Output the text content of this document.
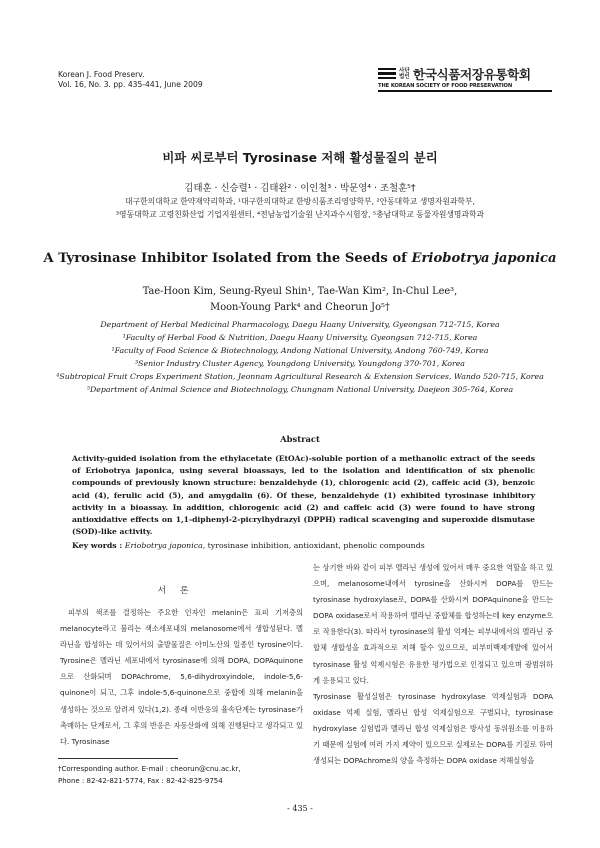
Korean J. Food Preserv.
Vol. 16, No. 3. pp. 435-441, June 2009
사단법인 한국식품저장유통학회
THE KOREAN SOCIETY OF FOOD PRESERVATION
비파 씨로부터 Tyrosinase 저해 활성물질의 분리
김태훈 · 신승렬¹ · 김태완² · 이인철³ · 박문영⁴ · 조철훈⁵†
대구한의대학교 한약재약리학과, ¹대구한의대학교 한방식품조리영양학부, ²안동대학교 생명자원과학부,
³영동대학교 고령친화산업 기업지원센터, ⁴전남농업기술원 난지과수시험장, ⁵충남대학교 동물자원생명과학과
A Tyrosinase Inhibitor Isolated from the Seeds of Eriobotrya japonica
Tae-Hoon Kim, Seung-Ryeul Shin¹, Tae-Wan Kim², In-Chul Lee³,
Moon-Young Park⁴ and Cheorun Jo⁵†
Department of Herbal Medicinal Pharmacology, Daegu Haany University, Gyeongsan 712-715, Korea
¹Faculty of Herbal Food & Nutrition, Daegu Haany University, Gyeongsan 712-715, Korea
¹Faculty of Food Science & Biotechnology, Andong National University, Andong 760-749, Korea
³Senior Industry Cluster Agency, Youngdong University, Youngdong 370-701, Korea
⁴Subtropical Fruit Crops Experiment Station, Jeonnam Agricultural Research & Extension Services, Wando 520-715, Korea
⁵Department of Animal Science and Biotechnology, Chungnam National University, Daejeon 305-764, Korea
Abstract
Activity-guided isolation from the ethylacetate (EtOAc)-soluble portion of a methanolic extract of the seeds of Eriobotrya japonica, using several bioassays, led to the isolation and identification of six phenolic compounds of previously known structure: benzaldehyde (1), chlorogenic acid (2), caffeic acid (3), benzoic acid (4), ferulic acid (5), and amygdalin (6). Of these, benzaldehyde (1) exhibited tyrosinase inhibitory activity in a bioassay. In addition, chlorogenic acid (2) and caffeic acid (3) were found to have strong antioxidative effects on 1,1-diphenyl-2-picrylhydrazyl (DPPH) radical scavenging and superoxide dismutase (SOD)-like activity.
Key words : Eriobotrya japonica, tyrosinase inhibition, antioxidant, phenolic compounds
서론

피부의 색조를 결정하는 주요한 인자인 melanin은 표피 기저층의 melanocyte라고 불리는 색소세포내의 melanosome에서 생합성된다. 멜라닌을 합성하는 데 있어서의 출발물질은 아미노산의 일종인 tyrosine이다. Tyrosine은 멜라닌 세포내에서 tyrosinase에 의해 DOPA, DOPAquinone으로 산화되며 DOPAchrome, 5,6-dihydroxyindole, indole-5,6-quinone이 되고, 그후 indole-5,6-quinone으로 중합에 의해 melanin을 생성하는 것으로 알려져 있다(1,2). 종래 이반응의 율속단계는 tyrosinase가 촉매하는 단계로서, 그 후의 반응은 자동산화에 의해 진행된다고 생각되고 있다. Tyrosinase

는 상기한 바와 같이 피부 멜라닌 생성에 있어서 매우 중요한 역할을 하고 있으며, melanosome내에서 tyrosine을 산화시켜 DOPA를 만드는 tyrosinase hydroxylase로, DOPA를 산화시켜 DOPAquinone을 만드는 DOPA oxidase로서 작용하여 멜라닌 중합체를 합성하는데 key enzyme으로 작용한다(3). 따라서 tyrosinase의 활성 억제는 피부내에서의 멜라닌 중합체 생합성을 효과적으로 저해 할수 있으므로, 피부미백제개발에 있어서 tyrosinase 활성 억제시험은 유용한 평가법으로 인정되고 있으며 광범위하게 응용되고 있다.

Tyrosinase 활성실험은 tyrosinase hydroxylase 억제실험과 DOPA oxidase 억제 실험, 멜라닌 합성 억제실험으로 구별되나, tyrosinase hydroxylase 실험법과 멜라닌 합성 억제실험은 방사성 동위원소를 이용하기 때문에 실험에 여러 가지 제약이 있으므로 실제로는 DOPA를 기질로 하여 생성되는 DOPAchrome의 양을 측정하는 DOPA oxidase 저해실험을

†Corresponding author. E-mail : cheorun@cnu.ac.kr,
Phone : 82-42-821-5774, Fax : 82-42-825-9754
- 435 -
